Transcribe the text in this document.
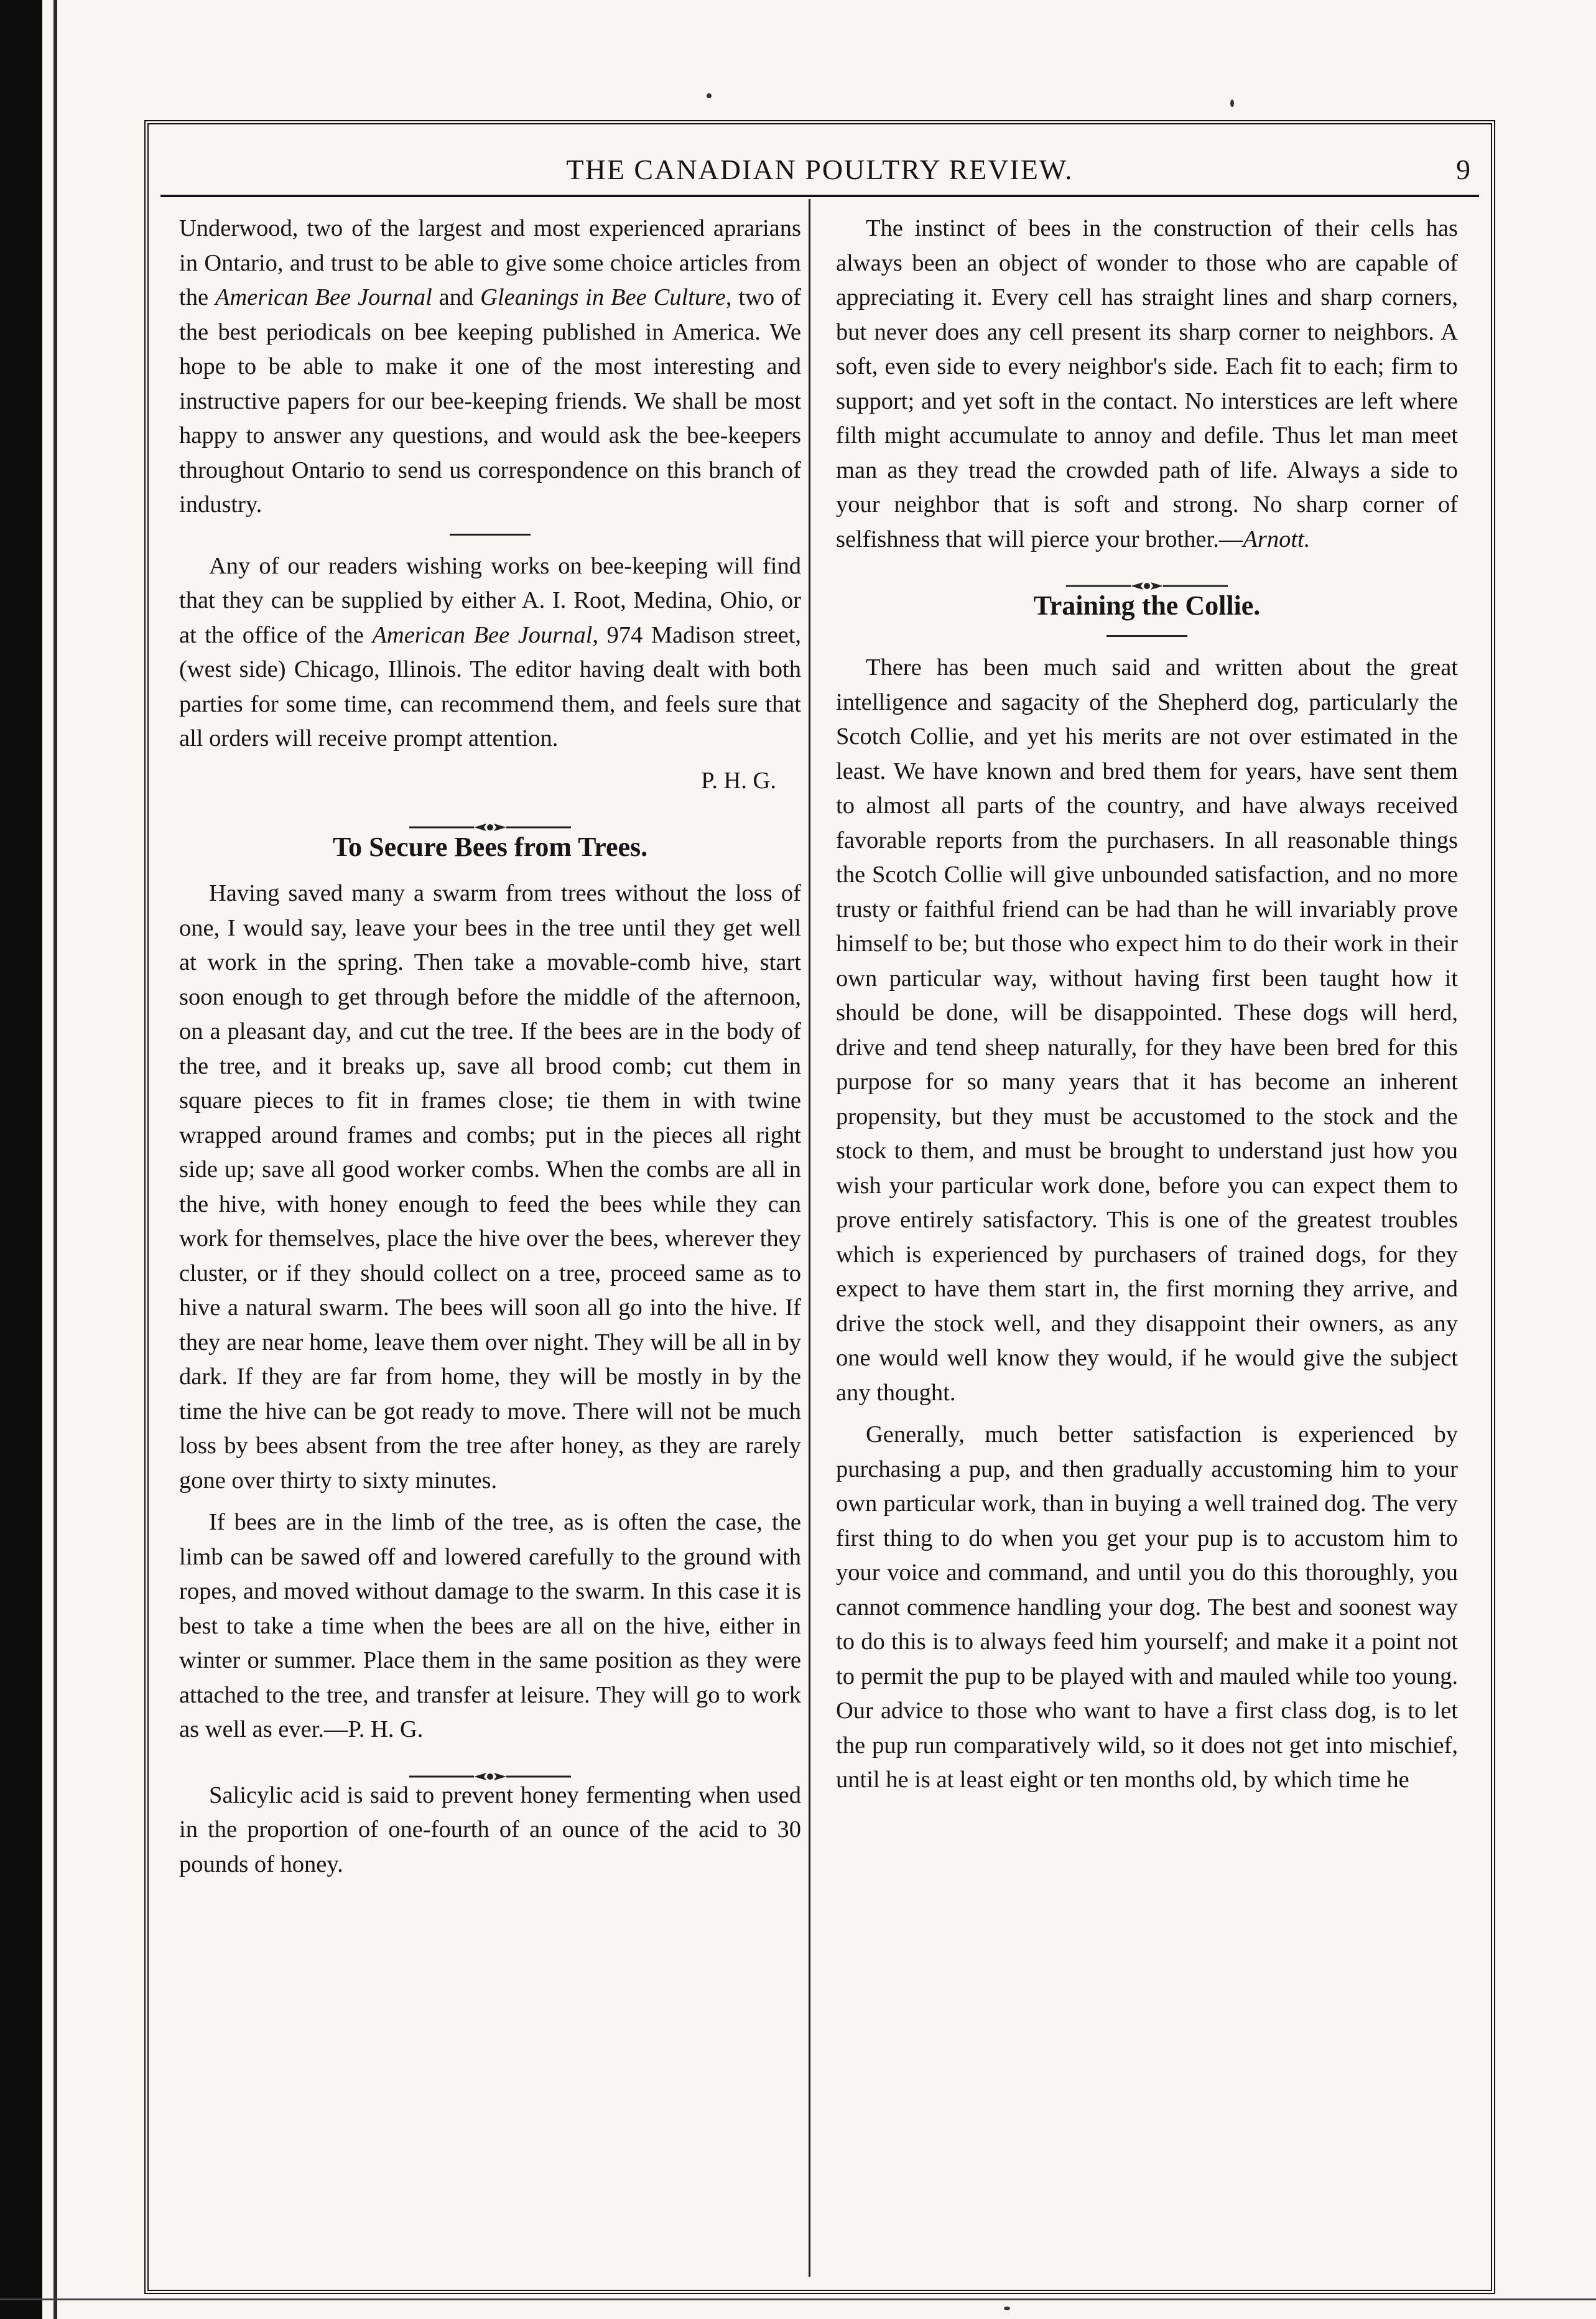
THE CANADIAN POULTRY REVIEW.	9

Underwood, two of the largest and most experienced aprarians in Ontario, and trust to be able to give some choice articles from the American Bee Journal and Gleanings in Bee Culture, two of the best periodicals on bee keeping published in America. We hope to be able to make it one of the most interesting and instructive papers for our bee-keeping friends. We shall be most happy to answer any questions, and would ask the bee-keepers throughout Ontario to send us correspondence on this branch of industry.

Any of our readers wishing works on bee-keeping will find that they can be supplied by either A. I. Root, Medina, Ohio, or at the office of the American Bee Journal, 974 Madison street, (west side) Chicago, Illinois. The editor having dealt with both parties for some time, can recommend them, and feels sure that all orders will receive prompt attention.

P. H. G.
To Secure Bees from Trees.

Having saved many a swarm from trees without the loss of one, I would say, leave your bees in the tree until they get well at work in the spring. Then take a movable-comb hive, start soon enough to get through before the middle of the afternoon, on a pleasant day, and cut the tree. If the bees are in the body of the tree, and it breaks up, save all brood comb; cut them in square pieces to fit in frames close; tie them in with twine wrapped around frames and combs; put in the pieces all right side up; save all good worker combs. When the combs are all in the hive, with honey enough to feed the bees while they can work for themselves, place the hive over the bees, wherever they cluster, or if they should collect on a tree, proceed same as to hive a natural swarm. The bees will soon all go into the hive. If they are near home, leave them over night. They will be all in by dark. If they are far from home, they will be mostly in by the time the hive can be got ready to move. There will not be much loss by bees absent from the tree after honey, as they are rarely gone over thirty to sixty minutes.

If bees are in the limb of the tree, as is often the case, the limb can be sawed off and lowered carefully to the ground with ropes, and moved without damage to the swarm. In this case it is best to take a time when the bees are all on the hive, either in winter or summer. Place them in the same position as they were attached to the tree, and transfer at leisure. They will go to work as well as ever.—P. H. G.

Salicylic acid is said to prevent honey fermenting when used in the proportion of one-fourth of an ounce of the acid to 30 pounds of honey.

The instinct of bees in the construction of their cells has always been an object of wonder to those who are capable of appreciating it. Every cell has straight lines and sharp corners, but never does any cell present its sharp corner to neighbors. A soft, even side to every neighbor's side. Each fit to each; firm to support; and yet soft in the contact. No interstices are left where filth might accumulate to annoy and defile. Thus let man meet man as they tread the crowded path of life. Always a side to your neighbor that is soft and strong. No sharp corner of selfishness that will pierce your brother.—Arnott.

Training the Collie.

There has been much said and written about the great intelligence and sagacity of the Shepherd dog, particularly the Scotch Collie, and yet his merits are not over estimated in the least. We have known and bred them for years, have sent them to almost all parts of the country, and have always received favorable reports from the purchasers. In all reasonable things the Scotch Collie will give unbounded satisfaction, and no more trusty or faithful friend can be had than he will invariably prove himself to be; but those who expect him to do their work in their own particular way, without having first been taught how it should be done, will be disappointed. These dogs will herd, drive and tend sheep naturally, for they have been bred for this purpose for so many years that it has become an inherent propensity, but they must be accustomed to the stock and the stock to them, and must be brought to understand just how you wish your particular work done, before you can expect them to prove entirely satisfactory. This is one of the greatest troubles which is experienced by purchasers of trained dogs, for they expect to have them start in, the first morning they arrive, and drive the stock well, and they disappoint their owners, as any one would well know they would, if he would give the subject any thought.

Generally, much better satisfaction is experienced by purchasing a pup, and then gradually accustoming him to your own particular work, than in buying a well trained dog. The very first thing to do when you get your pup is to accustom him to your voice and command, and until you do this thoroughly, you cannot commence handling your dog. The best and soonest way to do this is to always feed him yourself; and make it a point not to permit the pup to be played with and mauled while too young. Our advice to those who want to have a first class dog, is to let the pup run comparatively wild, so it does not get into mischief, until he is at least eight or ten months old, by which time he
